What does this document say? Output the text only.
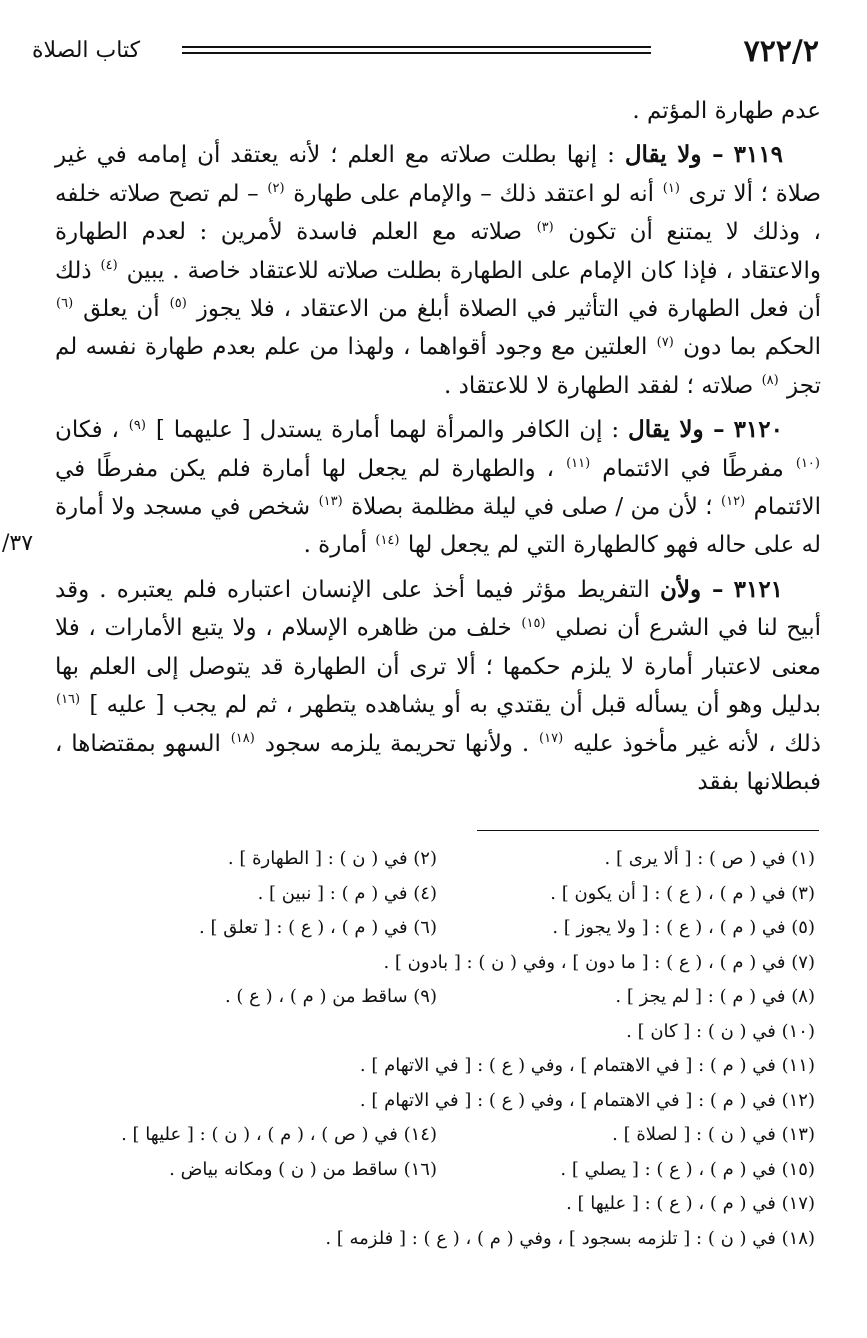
٧٢٢/٢
كتاب الصلاة
٣٧/

عدم طهارة المؤتم .

٣١١٩ – ولا يقال : إنها بطلت صلاته مع العلم ؛ لأنه يعتقد أن إمامه في غير صلاة ؛ ألا ترى $^{(١)}$ أنه لو اعتقد ذلك – والإمام على طهارة $^{(٢)}$ – لم تصح صلاته خلفه ، وذلك لا يمتنع أن تكون $^{(٣)}$ صلاته مع العلم فاسدة لأمرين : لعدم الطهارة والاعتقاد ، فإذا كان الإمام على الطهارة بطلت صلاته للاعتقاد خاصة . يبين $^{(٤)}$ ذلك أن فعل الطهارة في التأثير في الصلاة أبلغ من الاعتقاد ، فلا يجوز $^{(٥)}$ أن يعلق $^{(٦)}$ الحكم بما دون $^{(٧)}$ العلتين مع وجود أقواهما ، ولهذا من علم بعدم طهارة نفسه لم تجز $^{(٨)}$ صلاته ؛ لفقد الطهارة لا للاعتقاد .

٣١٢٠ – ولا يقال : إن الكافر والمرأة لهما أمارة يستدل [ عليهما ] $^{(٩)}$ ، فكان $^{(١٠)}$ مفرطًا في الائتمام $^{(١١)}$ ، والطهارة لم يجعل لها أمارة فلم يكن مفرطًا في الائتمام $^{(١٢)}$ ؛ لأن من / صلى في ليلة مظلمة بصلاة $^{(١٣)}$ شخص في مسجد ولا أمارة له على حاله فهو كالطهارة التي لم يجعل لها $^{(١٤)}$ أمارة .

٣١٢١ – ولأن التفريط مؤثر فيما أخذ على الإنسان اعتباره فلم يعتبره . وقد أبيح لنا في الشرع أن نصلي $^{(١٥)}$ خلف من ظاهره الإسلام ، ولا يتبع الأمارات ، فلا معنى لاعتبار أمارة لا يلزم حكمها ؛ ألا ترى أن الطهارة قد يتوصل إلى العلم بها بدليل وهو أن يسأله قبل أن يقتدي به أو يشاهده يتطهر ، ثم لم يجب [ عليه ] $^{(١٦)}$ ذلك ، لأنه غير مأخوذ عليه $^{(١٧)}$ . ولأنها تحريمة يلزمه سجود $^{(١٨)}$ السهو بمقتضاها ، فبطلانها بفقد

(١) في ( ص ) : [ ألا يرى ] .
(٢) في ( ن ) : [ الطهارة ] .
(٣) في ( م ) ، ( ع ) : [ أن يكون ] .
(٤) في ( م ) : [ نبين ] .
(٥) في ( م ) ، ( ع ) : [ ولا يجوز ] .
(٦) في ( م ) ، ( ع ) : [ تعلق ] .
(٧) في ( م ) ، ( ع ) : [ ما دون ] ، وفي ( ن ) : [ بادون ] .
(٨) في ( م ) : [ لم يجز ] .
(٩) ساقط من ( م ) ، ( ع ) .
(١٠) في ( ن ) : [ كان ] .
(١١) في ( م ) : [ في الاهتمام ] ، وفي ( ع ) : [ في الاتهام ] .
(١٢) في ( م ) : [ في الاهتمام ] ، وفي ( ع ) : [ في الاتهام ] .
(١٣) في ( ن ) : [ لصلاة ] .
(١٤) في ( ص ) ، ( م ) ، ( ن ) : [ عليها ] .
(١٥) في ( م ) ، ( ع ) : [ يصلي ] .
(١٦) ساقط من ( ن ) ومكانه بياض .
(١٧) في ( م ) ، ( ع ) : [ عليها ] .
(١٨) في ( ن ) : [ تلزمه بسجود ] ، وفي ( م ) ، ( ع ) : [ فلزمه ] .
